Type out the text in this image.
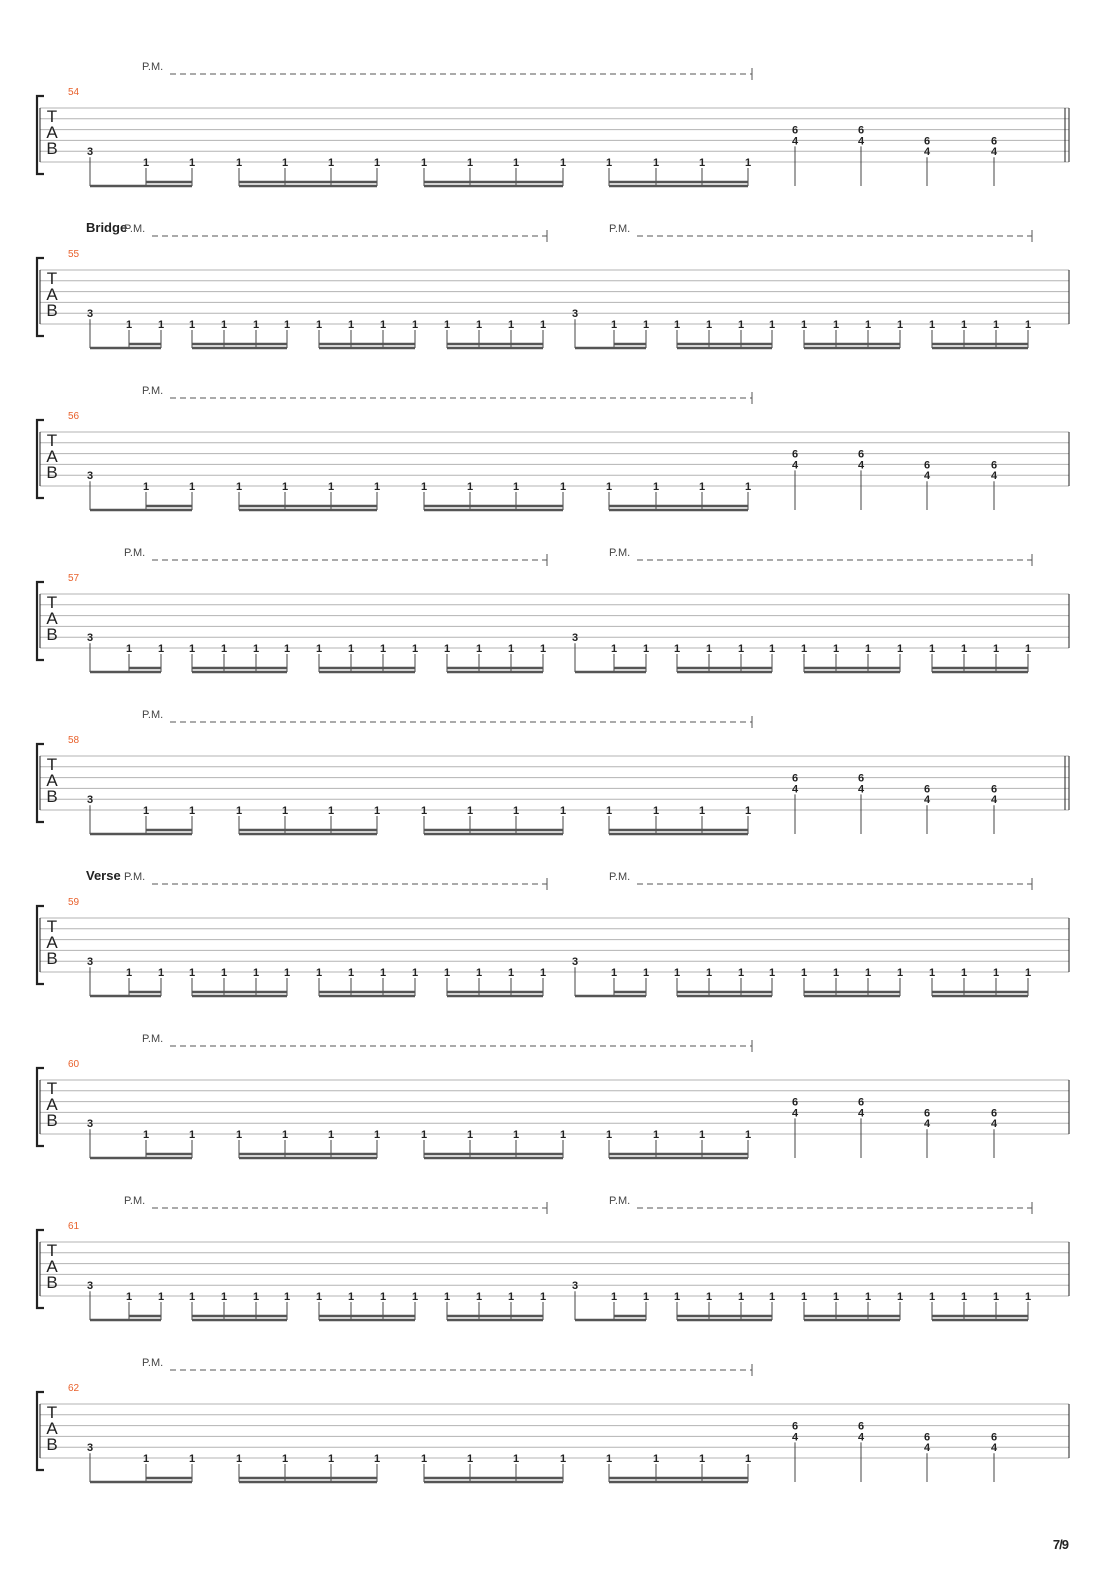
T
A
B
54
P.M.
3
1	1	1	1	1	1	1	1	1	1	1	1	1	1
6
4
6
4	6
4
6
4
T
A
B
55
Bridge
P.M.	P.M.
3
1 1 1 1 1 1 1 1 1 1 1 1 1 1
3
1 1 1 1 1 1 1 1 1 1 1 1 1 1
T
A
B
56
P.M.
3
1	1	1	1	1	1	1	1	1	1	1	1	1	1
6
4
6
4	6
4
6
4
T
A
B
57
P.M.	P.M.
3
1 1 1 1 1 1 1 1 1 1 1 1 1 1
3
1 1 1 1 1 1 1 1 1 1 1 1 1 1
T
A
B
58
P.M.
3
1	1	1	1	1	1	1	1	1	1	1	1	1	1
6
4
6
4	6
4
6
4
T
A
B
59
Verse P.M.	P.M.
3
1 1 1 1 1 1 1 1 1 1 1 1 1 1
3
1 1 1 1 1 1 1 1 1 1 1 1 1 1
T
A
B
60
P.M.
3
1	1	1	1	1	1	1	1	1	1	1	1	1	1
6
4
6
4	6
4
6
4
T
A
B
61
P.M.	P.M.
3
1 1 1 1 1 1 1 1 1 1 1 1 1 1
3
1 1 1 1 1 1 1 1 1 1 1 1 1 1
T
A
B
62
P.M.
3
1	1	1	1	1	1	1	1	1	1	1	1	1	1
6
4
6
4	6
4
6
4
7/9
